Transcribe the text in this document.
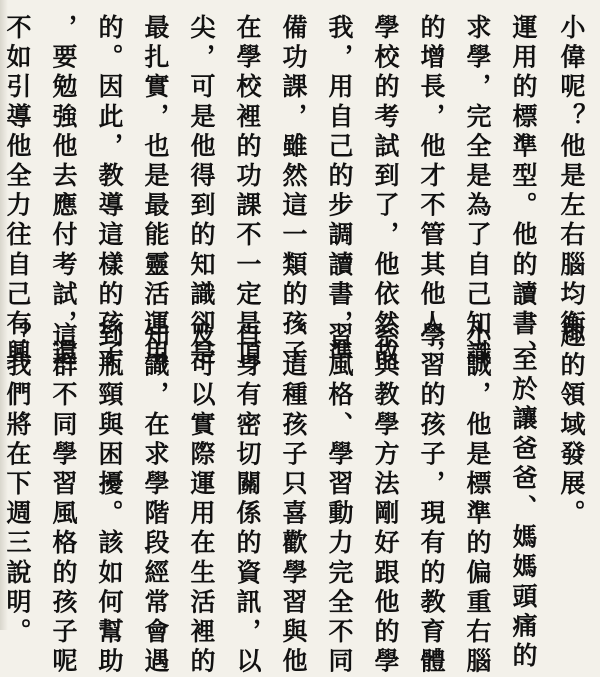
小偉呢？他是左右腦均衡
運用的標準型。他的讀書、
求學，完全是為了自己知識
的增長，他才不管其他人，
學校的考試到了，他依然故
我，用自己的步調讀書，準
備功課，雖然這一類的孩子
在學校裡的功課不一定是頂
尖，可是他得到的知識卻是
最扎實，也是最能靈活運用
的。因此，教導這樣的孩子
，要勉強他去應付考試，還
不如引導他全力往自己有興
趣的領域發展。
至於讓爸爸、媽媽頭痛的
小誠，他是標準的偏重右腦
學習的孩子，現有的教育體
系與教學方法剛好跟他的學
習風格、學習動力完全不同
。這種孩子只喜歡學習與他
自身有密切關係的資訊，以
及可以實際運用在生活裡的
知識，在求學階段經常會遇
到瓶頸與困擾。該如何幫助
這群不同學習風格的孩子呢
？我們將在下週三說明。
